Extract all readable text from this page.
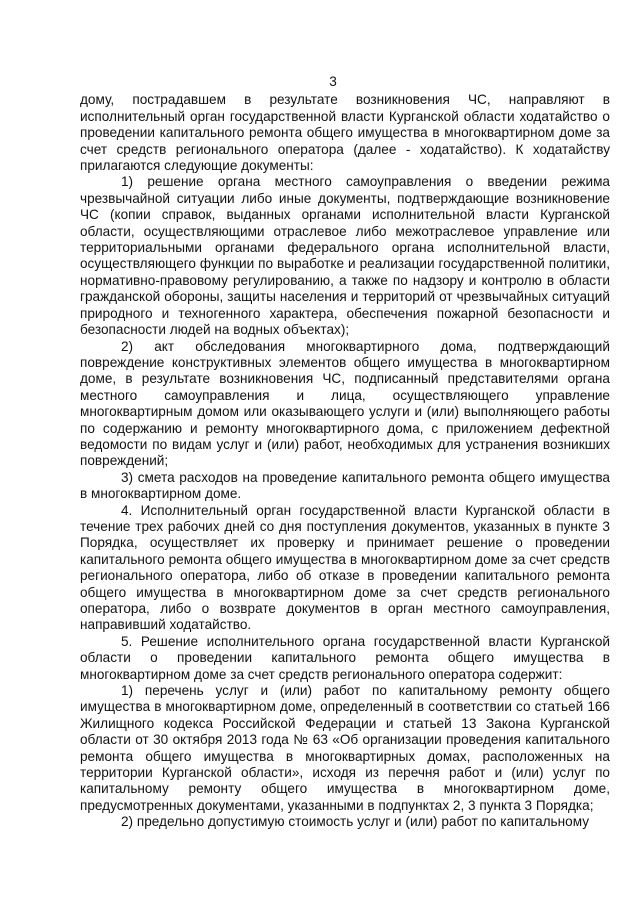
3

дому, пострадавшем в результате возникновения ЧС, направляют в исполнительный орган государственной власти Курганской области ходатайство о проведении капитального ремонта общего имущества в многоквартирном доме за счет средств регионального оператора (далее - ходатайство). К ходатайству прилагаются следующие документы:

1) решение органа местного самоуправления о введении режима чрезвычайной ситуации либо иные документы, подтверждающие возникновение ЧС (копии справок, выданных органами исполнительной власти Курганской области, осуществляющими отраслевое либо межотраслевое управление или территориальными органами федерального органа исполнительной власти, осуществляющего функции по выработке и реализации государственной политики, нормативно-правовому регулированию, а также по надзору и контролю в области гражданской обороны, защиты населения и территорий от чрезвычайных ситуаций природного и техногенного характера, обеспечения пожарной безопасности и безопасности людей на водных объектах);

2) акт обследования многоквартирного дома, подтверждающий повреждение конструктивных элементов общего имущества в многоквартирном доме, в результате возникновения ЧС, подписанный представителями органа местного самоуправления и лица, осуществляющего управление многоквартирным домом или оказывающего услуги и (или) выполняющего работы по содержанию и ремонту многоквартирного дома, с приложением дефектной ведомости по видам услуг и (или) работ, необходимых для устранения возникших повреждений;

3) смета расходов на проведение капитального ремонта общего имущества в многоквартирном доме.

4. Исполнительный орган государственной власти Курганской области в течение трех рабочих дней со дня поступления документов, указанных в пункте 3 Порядка, осуществляет их проверку и принимает решение о проведении капитального ремонта общего имущества в многоквартирном доме за счет средств регионального оператора, либо об отказе в проведении капитального ремонта общего имущества в многоквартирном доме за счет средств регионального оператора, либо о возврате документов в орган местного самоуправления, направивший ходатайство.

5. Решение исполнительного органа государственной власти Курганской области о проведении капитального ремонта общего имущества в многоквартирном доме за счет средств регионального оператора содержит:

1) перечень услуг и (или) работ по капитальному ремонту общего имущества в многоквартирном доме, определенный в соответствии со статьей 166 Жилищного кодекса Российской Федерации и статьей 13 Закона Курганской области от 30 октября 2013 года № 63 «Об организации проведения капитального ремонта общего имущества в многоквартирных домах, расположенных на территории Курганской области», исходя из перечня работ и (или) услуг по капитальному ремонту общего имущества в многоквартирном доме, предусмотренных документами, указанными в подпунктах 2, 3 пункта 3 Порядка;

2) предельно допустимую стоимость услуг и (или) работ по капитальному
